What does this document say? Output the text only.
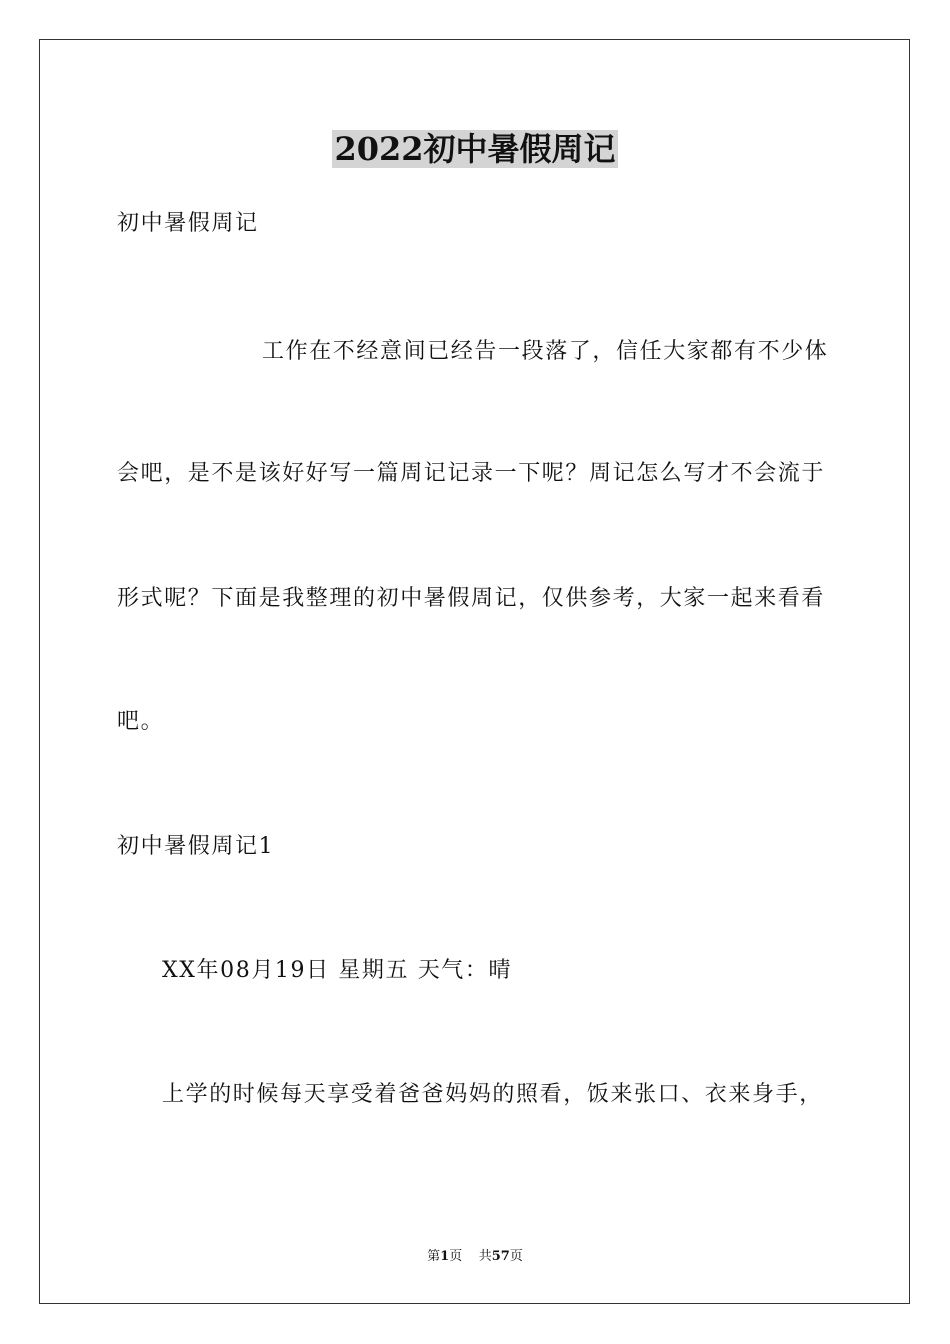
2022初中暑假周记
初中暑假周记
工作在不经意间已经告一段落了，信任大家都有不少体
会吧，是不是该好好写一篇周记记录一下呢？周记怎么写才不会流于
形式呢？下面是我整理的初中暑假周记，仅供参考，大家一起来看看
吧。
初中暑假周记1
XX年08月19日 星期五 天气：晴
上学的时候每天享受着爸爸妈妈的照看，饭来张口、衣来身手，
第1页    共57页
